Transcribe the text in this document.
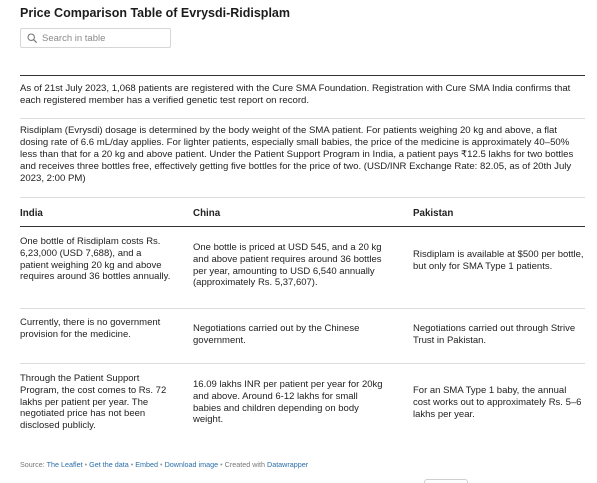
Price Comparison Table of Evrysdi-Ridisplam
Search in table
As of 21st July 2023, 1,068 patients are registered with the Cure SMA Foundation. Registration with Cure SMA India confirms that each registered member has a verified genetic test report on record.
Risdiplam (Evrysdi) dosage is determined by the body weight of the SMA patient. For patients weighing 20 kg and above, a flat dosing rate of 6.6 mL/day applies. For lighter patients, especially small babies, the price of the medicine is approximately 40–50% less than that for a 20 kg and above patient. Under the Patient Support Program in India, a patient pays ₹12.5 lakhs for two bottles and receives three bottles free, effectively getting five bottles for the price of two. (USD/INR Exchange Rate: 82.05, as of 20th July 2023, 2:00 PM)
India	China	Pakistan
One bottle of Risdiplam costs Rs. 6,23,000 (USD 7,688), and a patient weighing 20 kg and above requires around 36 bottles annually.
One bottle is priced at USD 545, and a 20 kg and above patient requires around 36 bottles per year, amounting to USD 6,540 annually (approximately Rs. 5,37,607).
Risdiplam is available at $500 per bottle, but only for SMA Type 1 patients.
Currently, there is no government provision for the medicine.
Negotiations carried out by the Chinese government.
Negotiations carried out through Strive Trust in Pakistan.
Through the Patient Support Program, the cost comes to Rs. 72 lakhs per patient per year. The negotiated price has not been disclosed publicly.
16.09 lakhs INR per patient per year for 20kg and above. Around 6-12 lakhs for small babies and children depending on body weight.
For an SMA Type 1 baby, the annual cost works out to approximately Rs. 5–6 lakhs per year.
Source: The Leaflet • Get the data • Embed • Download image • Created with Datawrapper
